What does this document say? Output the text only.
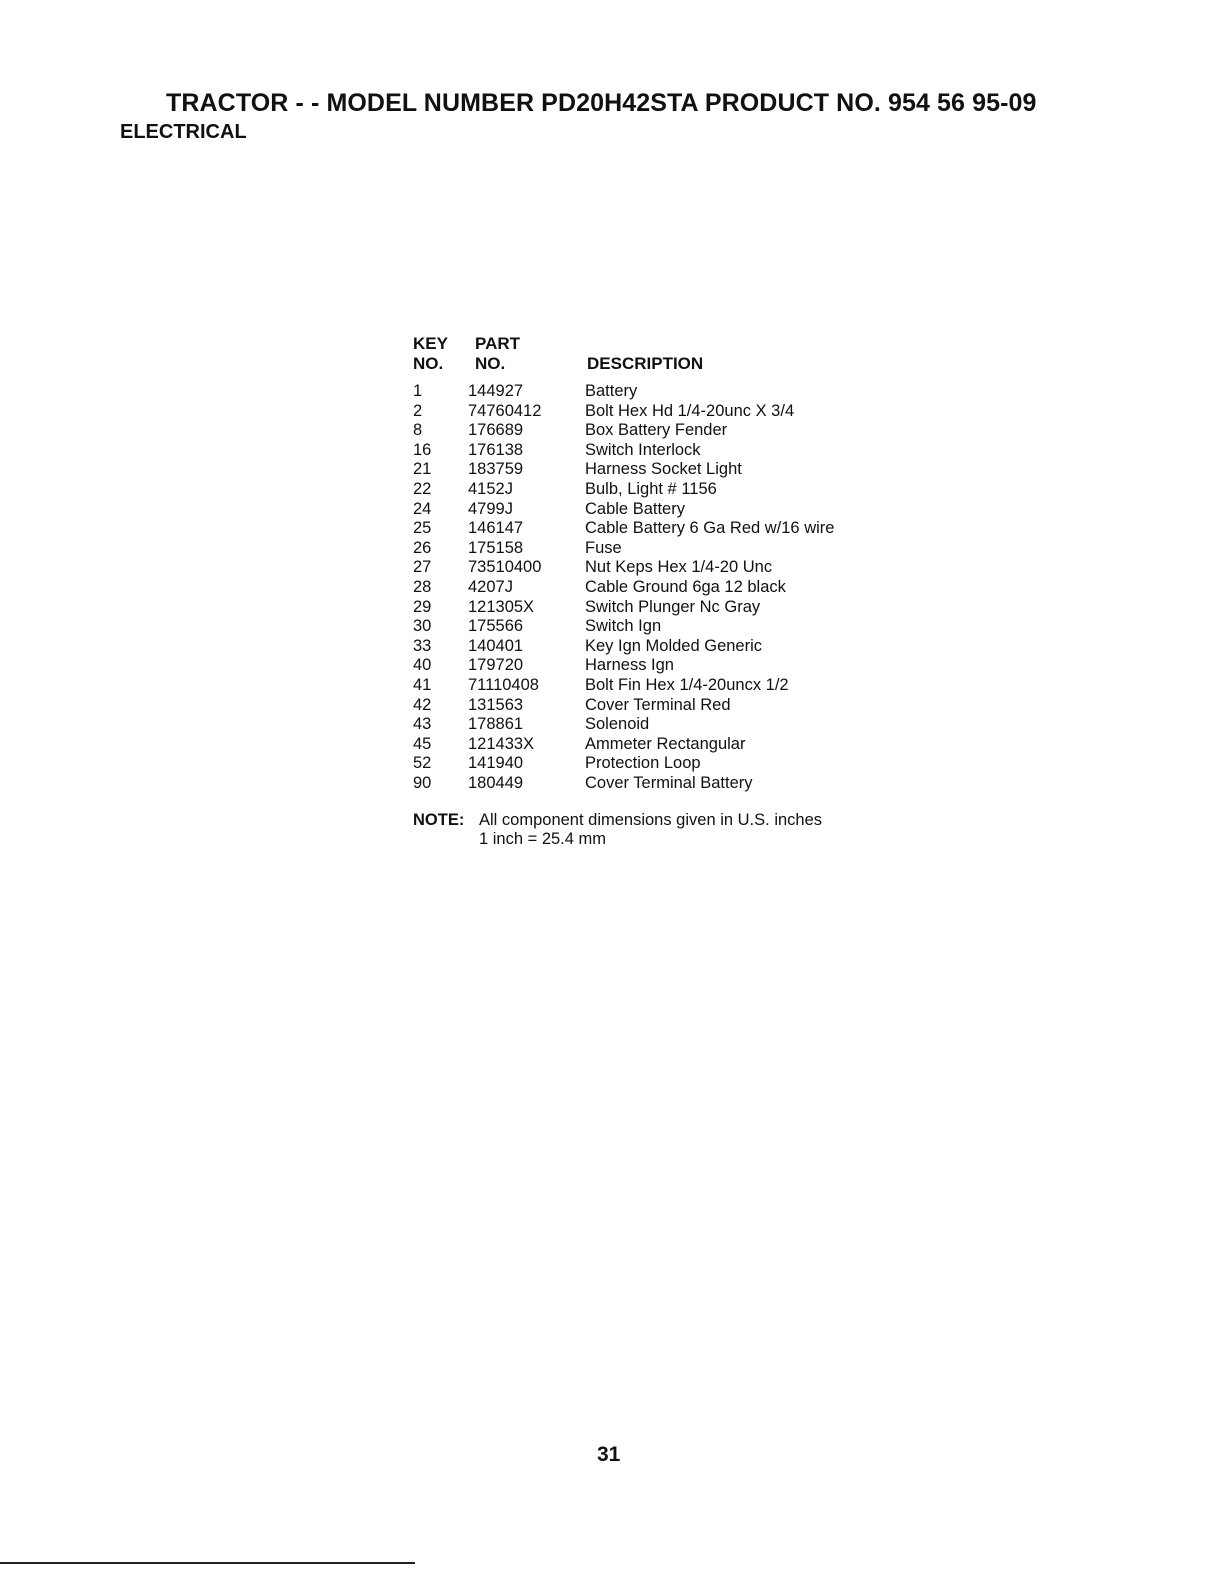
TRACTOR - - MODEL NUMBER PD20H42STA PRODUCT NO. 954 56 95-09
ELECTRICAL
KEY
NO.
PART
NO.	DESCRIPTION
1	144927	Battery
2	74760412	Bolt Hex Hd 1/4-20unc X 3/4
8	176689	Box Battery Fender
16 176138	Switch Interlock
21 183759	Harness Socket Light
22 4152J	Bulb, Light # 1156
24 4799J	Cable Battery
25 146147	Cable Battery 6 Ga Red w/16 wire
26 175158	Fuse
27 73510400	Nut Keps Hex 1/4-20 Unc
28 4207J	Cable Ground 6ga 12 black
29 121305X	Switch Plunger Nc Gray
30 175566	Switch Ign
33 140401	Key Ign Molded Generic
40 179720	Harness Ign
41 71110408	Bolt Fin Hex 1/4-20uncx 1/2
42 131563	Cover Terminal Red
43 178861	Solenoid
45 121433X	Ammeter Rectangular
52 141940	Protection Loop
90 180449	Cover Terminal Battery
NOTE: All component dimensions given in U.S. inches
1 inch = 25.4 mm
31
